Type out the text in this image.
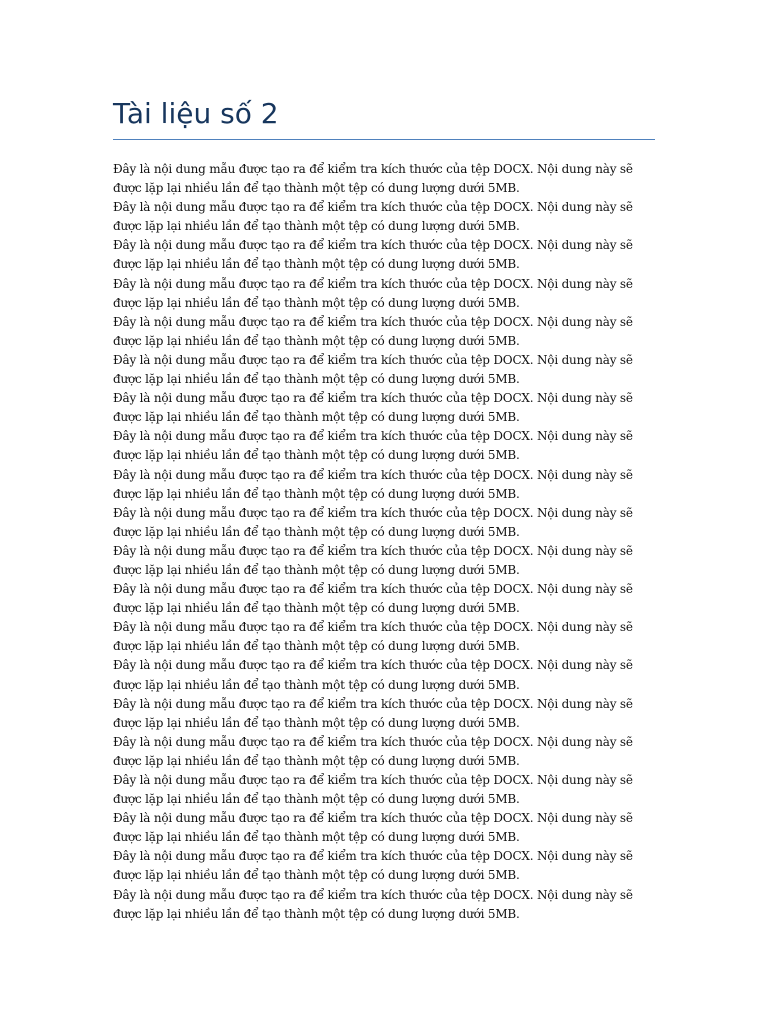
Tài liệu số 2

Đây là nội dung mẫu được tạo ra để kiểm tra kích thước của tệp DOCX. Nội dung này sẽ
được lặp lại nhiều lần để tạo thành một tệp có dung lượng dưới 5MB.

Đây là nội dung mẫu được tạo ra để kiểm tra kích thước của tệp DOCX. Nội dung này sẽ
được lặp lại nhiều lần để tạo thành một tệp có dung lượng dưới 5MB.

Đây là nội dung mẫu được tạo ra để kiểm tra kích thước của tệp DOCX. Nội dung này sẽ
được lặp lại nhiều lần để tạo thành một tệp có dung lượng dưới 5MB.

Đây là nội dung mẫu được tạo ra để kiểm tra kích thước của tệp DOCX. Nội dung này sẽ
được lặp lại nhiều lần để tạo thành một tệp có dung lượng dưới 5MB.

Đây là nội dung mẫu được tạo ra để kiểm tra kích thước của tệp DOCX. Nội dung này sẽ
được lặp lại nhiều lần để tạo thành một tệp có dung lượng dưới 5MB.

Đây là nội dung mẫu được tạo ra để kiểm tra kích thước của tệp DOCX. Nội dung này sẽ
được lặp lại nhiều lần để tạo thành một tệp có dung lượng dưới 5MB.

Đây là nội dung mẫu được tạo ra để kiểm tra kích thước của tệp DOCX. Nội dung này sẽ
được lặp lại nhiều lần để tạo thành một tệp có dung lượng dưới 5MB.

Đây là nội dung mẫu được tạo ra để kiểm tra kích thước của tệp DOCX. Nội dung này sẽ
được lặp lại nhiều lần để tạo thành một tệp có dung lượng dưới 5MB.

Đây là nội dung mẫu được tạo ra để kiểm tra kích thước của tệp DOCX. Nội dung này sẽ
được lặp lại nhiều lần để tạo thành một tệp có dung lượng dưới 5MB.

Đây là nội dung mẫu được tạo ra để kiểm tra kích thước của tệp DOCX. Nội dung này sẽ
được lặp lại nhiều lần để tạo thành một tệp có dung lượng dưới 5MB.

Đây là nội dung mẫu được tạo ra để kiểm tra kích thước của tệp DOCX. Nội dung này sẽ
được lặp lại nhiều lần để tạo thành một tệp có dung lượng dưới 5MB.

Đây là nội dung mẫu được tạo ra để kiểm tra kích thước của tệp DOCX. Nội dung này sẽ
được lặp lại nhiều lần để tạo thành một tệp có dung lượng dưới 5MB.

Đây là nội dung mẫu được tạo ra để kiểm tra kích thước của tệp DOCX. Nội dung này sẽ
được lặp lại nhiều lần để tạo thành một tệp có dung lượng dưới 5MB.

Đây là nội dung mẫu được tạo ra để kiểm tra kích thước của tệp DOCX. Nội dung này sẽ
được lặp lại nhiều lần để tạo thành một tệp có dung lượng dưới 5MB.

Đây là nội dung mẫu được tạo ra để kiểm tra kích thước của tệp DOCX. Nội dung này sẽ
được lặp lại nhiều lần để tạo thành một tệp có dung lượng dưới 5MB.

Đây là nội dung mẫu được tạo ra để kiểm tra kích thước của tệp DOCX. Nội dung này sẽ
được lặp lại nhiều lần để tạo thành một tệp có dung lượng dưới 5MB.

Đây là nội dung mẫu được tạo ra để kiểm tra kích thước của tệp DOCX. Nội dung này sẽ
được lặp lại nhiều lần để tạo thành một tệp có dung lượng dưới 5MB.

Đây là nội dung mẫu được tạo ra để kiểm tra kích thước của tệp DOCX. Nội dung này sẽ
được lặp lại nhiều lần để tạo thành một tệp có dung lượng dưới 5MB.

Đây là nội dung mẫu được tạo ra để kiểm tra kích thước của tệp DOCX. Nội dung này sẽ
được lặp lại nhiều lần để tạo thành một tệp có dung lượng dưới 5MB.

Đây là nội dung mẫu được tạo ra để kiểm tra kích thước của tệp DOCX. Nội dung này sẽ
được lặp lại nhiều lần để tạo thành một tệp có dung lượng dưới 5MB.
